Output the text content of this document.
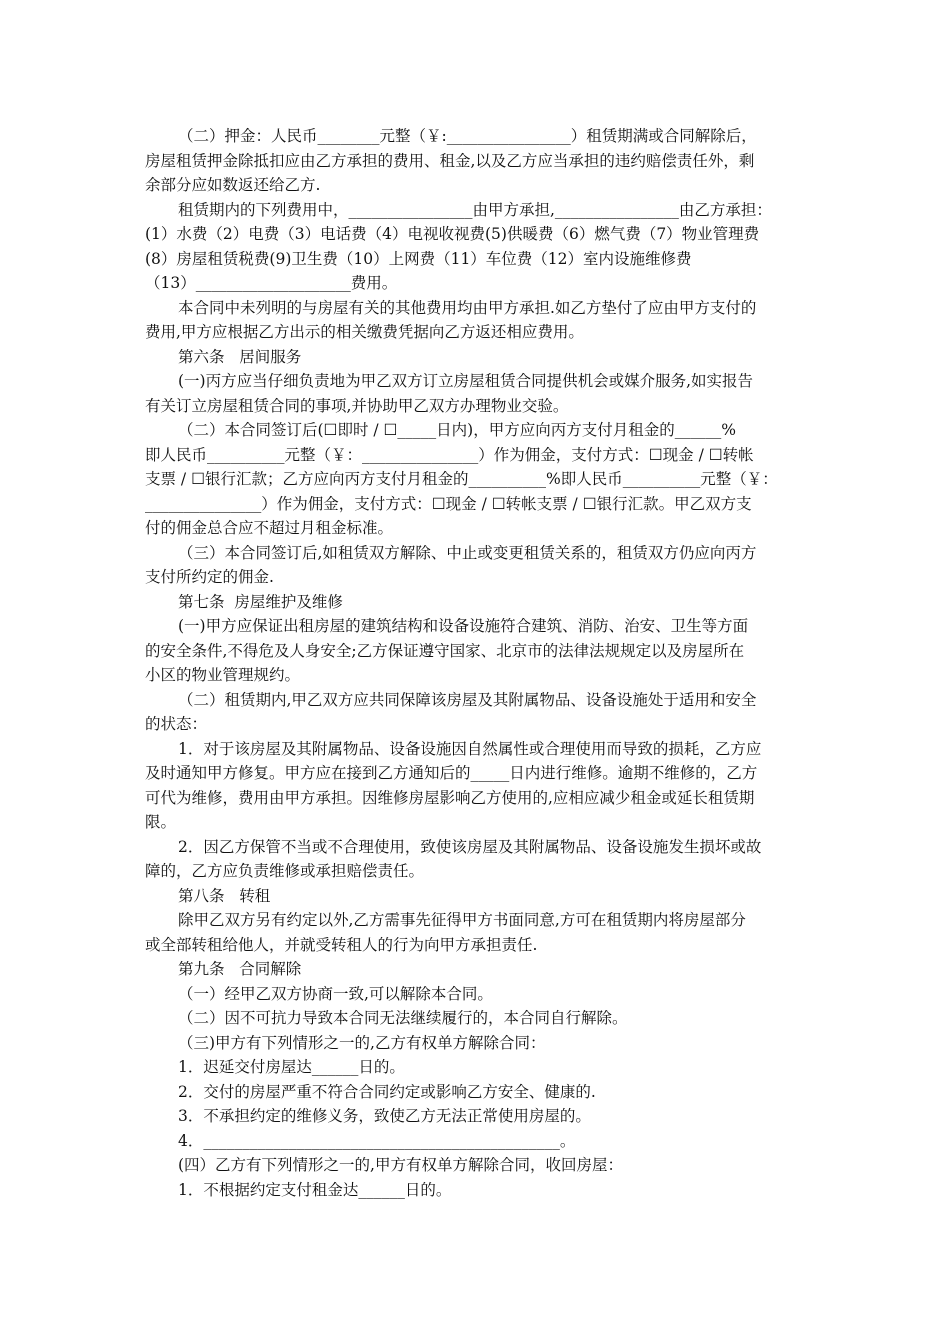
（二）押金：人民币________元整（￥:________________）租赁期满或合同解除后，
房屋租赁押金除抵扣应由乙方承担的费用、租金,以及乙方应当承担的违约赔偿责任外，剩
余部分应如数返还给乙方.
租赁期内的下列费用中，________________由甲方承担,________________由乙方承担：
(1）水费（2）电费（3）电话费（4）电视收视费(5)供暖费（6）燃气费（7）物业管理费
(8）房屋租赁税费(9)卫生费（10）上网费（11）车位费（12）室内设施维修费
（13）____________________费用。
本合同中未列明的与房屋有关的其他费用均由甲方承担.如乙方垫付了应由甲方支付的
费用,甲方应根据乙方出示的相关缴费凭据向乙方返还相应费用。
第六条   居间服务
(一)丙方应当仔细负责地为甲乙双方订立房屋租赁合同提供机会或媒介服务,如实报告
有关订立房屋租赁合同的事项,并协助甲乙双方办理物业交验。
（二）本合同签订后(☐即时 / ☐_____日内)，甲方应向丙方支付月租金的______%
即人民币__________元整（￥：_______________）作为佣金，支付方式：☐现金 / ☐转帐
支票 / ☐银行汇款；乙方应向丙方支付月租金的__________%即人民币__________元整（￥：
_______________）作为佣金，支付方式：☐现金 / ☐转帐支票 / ☐银行汇款。甲乙双方支
付的佣金总合应不超过月租金标准。
（三）本合同签订后,如租赁双方解除、中止或变更租赁关系的，租赁双方仍应向丙方
支付所约定的佣金.
第七条  房屋维护及维修
(一)甲方应保证出租房屋的建筑结构和设备设施符合建筑、消防、治安、卫生等方面
的安全条件,不得危及人身安全;乙方保证遵守国家、北京市的法律法规规定以及房屋所在
小区的物业管理规约。
（二）租赁期内,甲乙双方应共同保障该房屋及其附属物品、设备设施处于适用和安全
的状态：
1．对于该房屋及其附属物品、设备设施因自然属性或合理使用而导致的损耗，乙方应
及时通知甲方修复。甲方应在接到乙方通知后的_____日内进行维修。逾期不维修的，乙方
可代为维修，费用由甲方承担。因维修房屋影响乙方使用的,应相应减少租金或延长租赁期
限。
2．因乙方保管不当或不合理使用，致使该房屋及其附属物品、设备设施发生损坏或故
障的，乙方应负责维修或承担赔偿责任。
第八条   转租
除甲乙双方另有约定以外,乙方需事先征得甲方书面同意,方可在租赁期内将房屋部分
或全部转租给他人，并就受转租人的行为向甲方承担责任.
第九条   合同解除
（一）经甲乙双方协商一致,可以解除本合同。
（二）因不可抗力导致本合同无法继续履行的，本合同自行解除。
（三)甲方有下列情形之一的,乙方有权单方解除合同：
1．迟延交付房屋达______日的。
2．交付的房屋严重不符合合同约定或影响乙方安全、健康的.
3．不承担约定的维修义务，致使乙方无法正常使用房屋的。
4．______________________________________________。
(四）乙方有下列情形之一的,甲方有权单方解除合同，收回房屋：
1．不根据约定支付租金达______日的。
